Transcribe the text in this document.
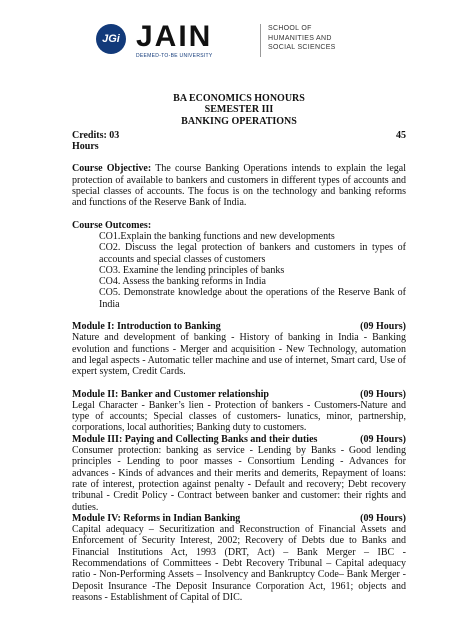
JGi JAIN
DEEMED-TO-BE UNIVERSITY
SCHOOL OF
HUMANITIES AND
SOCIAL SCIENCES
BA ECONOMICS HONOURS
SEMESTER III
BANKING OPERATIONS
Credits: 03	45
Hours

Course Objective: The course Banking Operations intends to explain the legal protection of available to bankers and customers in different types of accounts and special classes of accounts. The focus is on the technology and banking reforms and functions of the Reserve Bank of India.

Course Outcomes:
CO1.Explain the banking functions and new developments
CO2. Discuss the legal protection of bankers and customers in types of accounts and special classes of customers
CO3. Examine the lending principles of banks
CO4. Assess the banking reforms in India
CO5. Demonstrate knowledge about the operations of the Reserve Bank of India
Module I: Introduction to Banking	(09 Hours)

Nature and development of banking - History of banking in India - Banking evolution and functions - Merger and acquisition - New Technology, automation and legal aspects - Automatic teller machine and use of internet, Smart card, Use of expert system, Credit Cards.

Module II: Banker and Customer relationship	(09 Hours)

Legal Character - Banker’s lien - Protection of bankers - Customers-Nature and type of accounts; Special classes of customers- lunatics, minor, partnership, corporations, local authorities; Banking duty to customers.

Module III: Paying and Collecting Banks and their duties	(09 Hours)

Consumer protection: banking as service - Lending by Banks - Good lending principles - Lending to poor masses - Consortium Lending - Advances for advances - Kinds of advances and their merits and demerits, Repayment of loans: rate of interest, protection against penalty - Default and recovery; Debt recovery tribunal - Credit Policy - Contract between banker and customer: their rights and duties.

Module IV: Reforms in Indian Banking	(09 Hours)

Capital adequacy – Securitization and Reconstruction of Financial Assets and Enforcement of Security Interest, 2002; Recovery of Debts due to Banks and Financial Institutions Act, 1993 (DRT, Act) – Bank Merger – IBC - Recommendations of Committees - Debt Recovery Tribunal – Capital adequacy ratio - Non-Performing Assets – Insolvency and Bankruptcy Code– Bank Merger - Deposit Insurance -The Deposit Insurance Corporation Act, 1961; objects and reasons - Establishment of Capital of DIC.
